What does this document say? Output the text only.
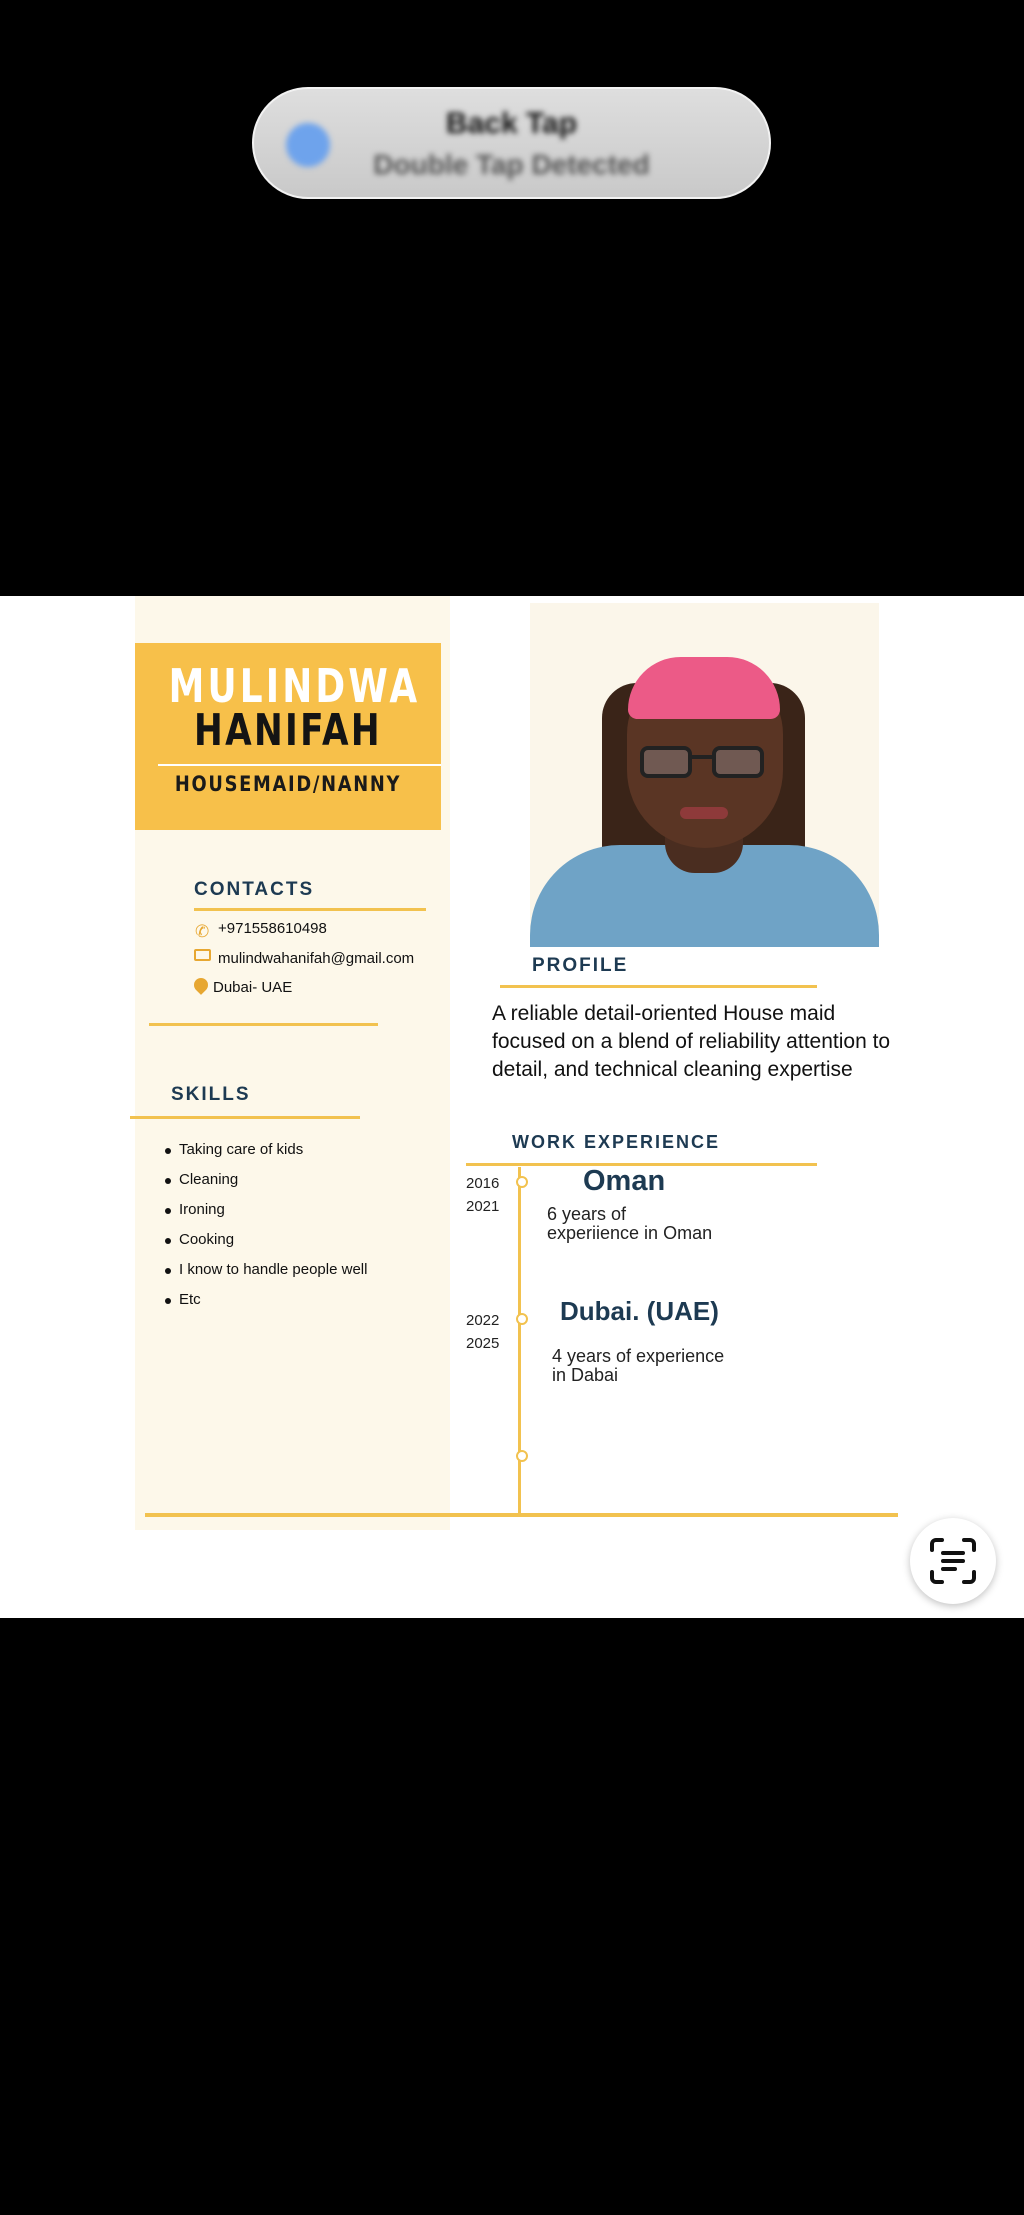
Back Tap
Double Tap Detected
MULINDWA
HANIFAH
HOUSEMAID/NANNY
CONTACTS
✆ +971558610498
mulindwahanifah@gmail.com
Dubai- UAE
SKILLS
Taking care of kids
Cleaning
Ironing
Cooking
I know to handle people well
Etc
PROFILE
A reliable detail-oriented House maid focused on a blend of reliability attention to detail, and technical cleaning expertise
WORK EXPERIENCE
2016
2021
Oman
6 years of
experiience in Oman
2022
2025
Dubai. (UAE)
4 years of experience
in Dabai
